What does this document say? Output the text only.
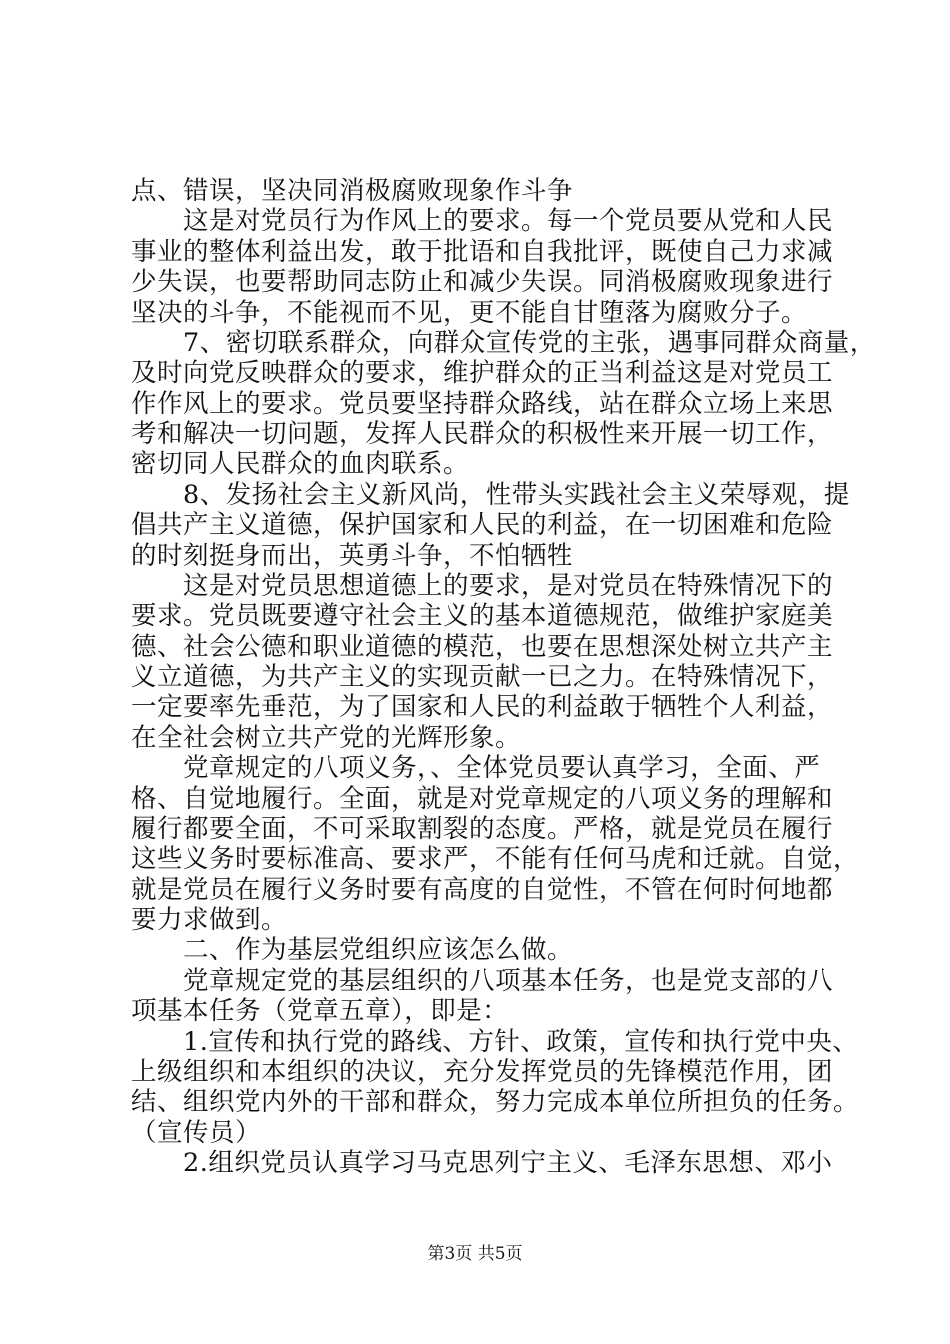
点、错误，坚决同消极腐败现象作斗争
　　这是对党员行为作风上的要求。每一个党员要从党和人民
事业的整体利益出发，敢于批语和自我批评，既使自己力求减
少失误，也要帮助同志防止和减少失误。同消极腐败现象进行
坚决的斗争，不能视而不见，更不能自甘堕落为腐败分子。
　　7、密切联系群众，向群众宣传党的主张，遇事同群众商量，
及时向党反映群众的要求，维护群众的正当利益这是对党员工
作作风上的要求。党员要坚持群众路线，站在群众立场上来思
考和解决一切问题，发挥人民群众的积极性来开展一切工作，
密切同人民群众的血肉联系。
　　8、发扬社会主义新风尚，性带头实践社会主义荣辱观，提
倡共产主义道德，保护国家和人民的利益，在一切困难和危险
的时刻挺身而出，英勇斗争，不怕牺牲
　　这是对党员思想道德上的要求，是对党员在特殊情况下的
要求。党员既要遵守社会主义的基本道德规范，做维护家庭美
德、社会公德和职业道德的模范，也要在思想深处树立共产主
义立道德，为共产主义的实现贡献一已之力。在特殊情况下，
一定要率先垂范，为了国家和人民的利益敢于牺牲个人利益，
在全社会树立共产党的光辉形象。
　　党章规定的八项义务，、全体党员要认真学习，全面、严
格、自觉地履行。全面，就是对党章规定的八项义务的理解和
履行都要全面，不可采取割裂的态度。严格，就是党员在履行
这些义务时要标准高、要求严，不能有任何马虎和迁就。自觉，
就是党员在履行义务时要有高度的自觉性，不管在何时何地都
要力求做到。
　　二、作为基层党组织应该怎么做。
　　党章规定党的基层组织的八项基本任务，也是党支部的八
项基本任务（党章五章），即是：
　　1.宣传和执行党的路线、方针、政策，宣传和执行党中央、
上级组织和本组织的决议，充分发挥党员的先锋模范作用，团
结、组织党内外的干部和群众，努力完成本单位所担负的任务。
（宣传员）
　　2.组织党员认真学习马克思列宁主义、毛泽东思想、邓小
第3页 共5页
